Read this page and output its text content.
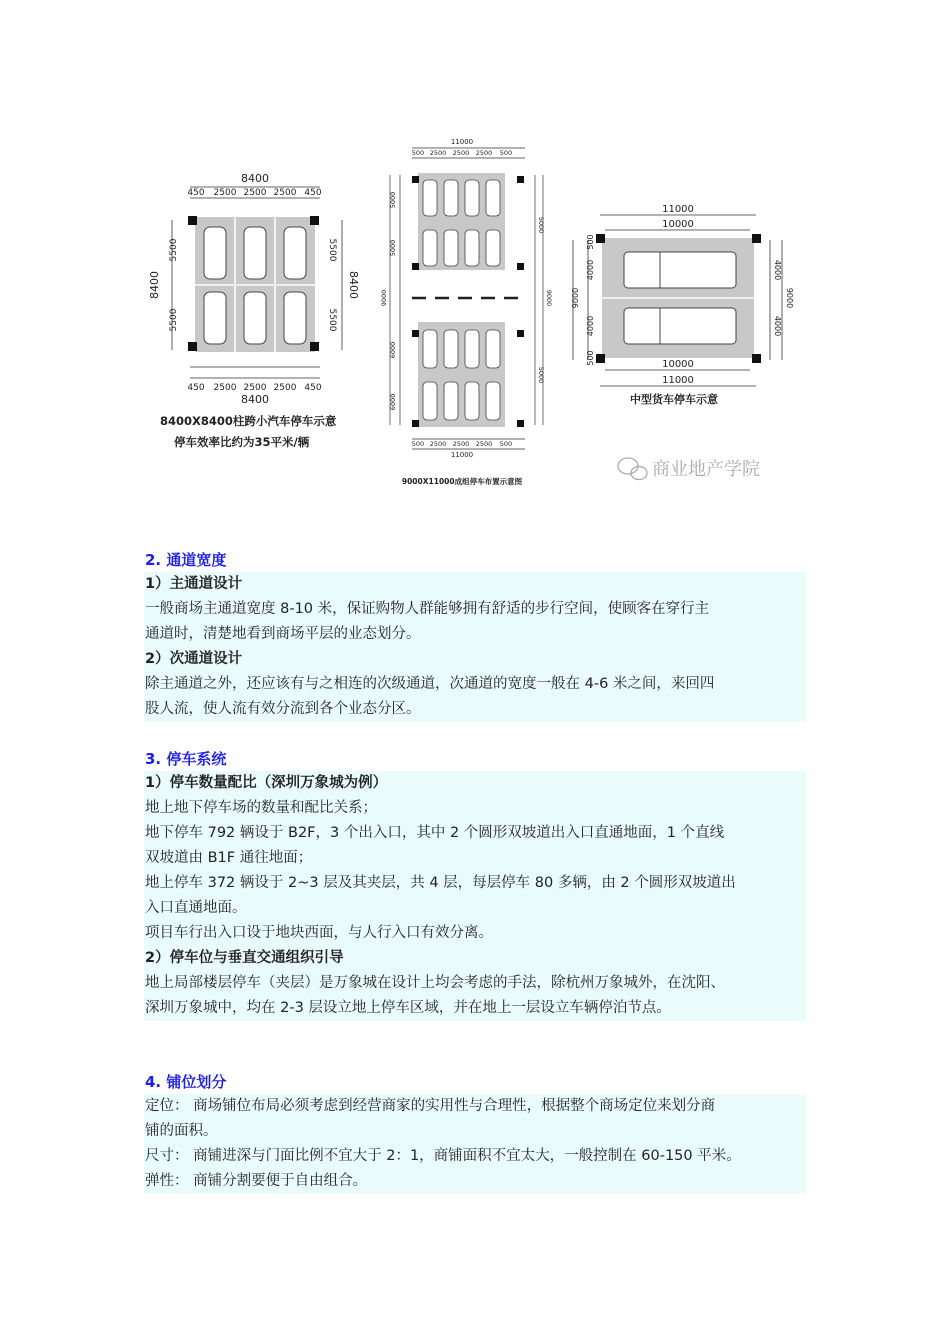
8400
450 2500 2500 2500 450
450 2500 2500 2500 450
8400
8400
5500
5500
5500
5500
8400
8400X8400柱跨小汽车停车示意
停车效率比约为35平米/辆
11000
500 2500 2500 2500 500
500 2500 2500 2500 500
11000
5000
5000
9000
6000
6000
5000
9000
5000
9000X11000成组停车布置示意图
11000
10000
10000
11000
500
4000
4000
500
9000
4000
4000
9000
中型货车停车示意
商业地产学院
2. 通道宽度
1）主通道设计
一般商场主通道宽度 8-10 米，保证购物人群能够拥有舒适的步行空间，使顾客在穿行主
通道时，清楚地看到商场平层的业态划分。
2）次通道设计
除主通道之外，还应该有与之相连的次级通道，次通道的宽度一般在 4-6 米之间，来回四
股人流，使人流有效分流到各个业态分区。
3. 停车系统
1）停车数量配比（深圳万象城为例）
地上地下停车场的数量和配比关系；
地下停车 792 辆设于 B2F，3 个出入口，其中 2 个圆形双坡道出入口直通地面，1 个直线
双坡道由 B1F 通往地面；
地上停车 372 辆设于 2~3 层及其夹层，共 4 层，每层停车 80 多辆，由 2 个圆形双坡道出
入口直通地面。
项目车行出入口设于地块西面，与人行入口有效分离。
2）停车位与垂直交通组织引导
地上局部楼层停车（夹层）是万象城在设计上均会考虑的手法，除杭州万象城外，在沈阳、
深圳万象城中，均在 2-3 层设立地上停车区域，并在地上一层设立车辆停泊节点。
4. 铺位划分
定位： 商场铺位布局必须考虑到经营商家的实用性与合理性，根据整个商场定位来划分商
铺的面积。
尺寸： 商铺进深与门面比例不宜大于 2：1，商铺面积不宜太大，一般控制在 60-150 平米。
弹性： 商铺分割要便于自由组合。
